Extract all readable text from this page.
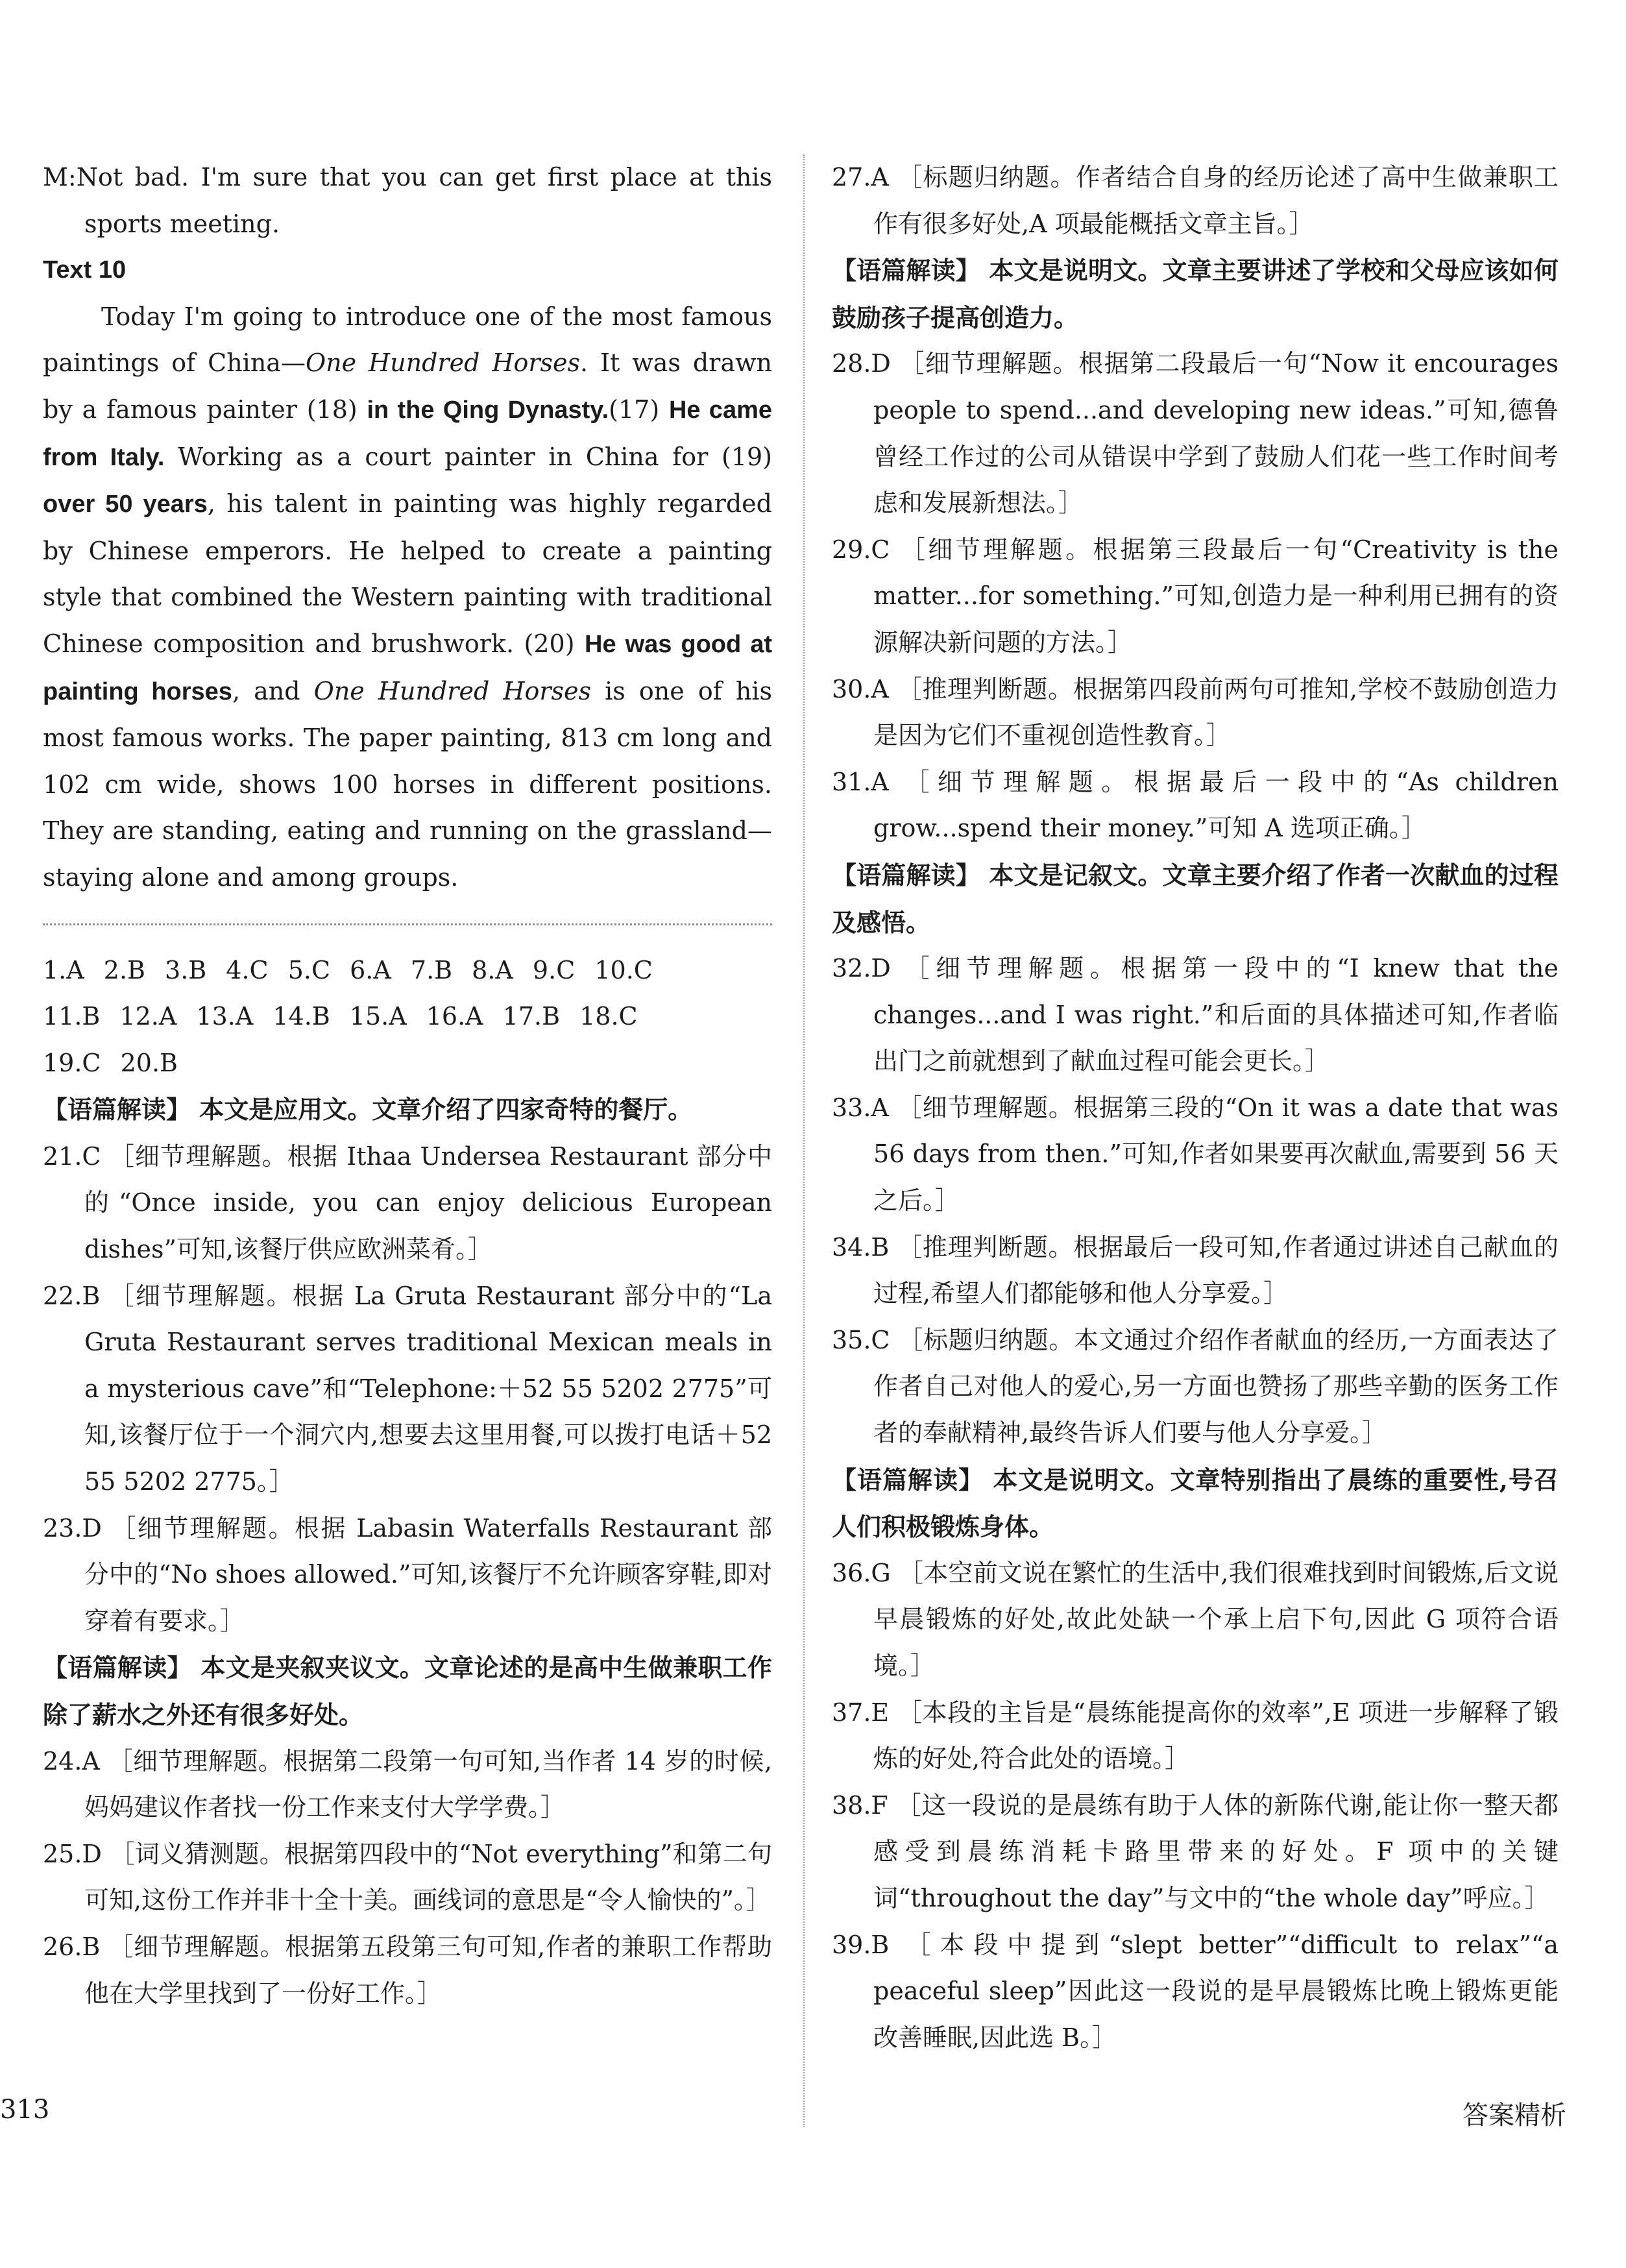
M:Not bad. I'm sure that you can get first place at this sports meeting.

Text 10

Today I'm going to introduce one of the most famous paintings of China—One Hundred Horses. It was drawn by a famous painter (18) in the Qing Dynasty.(17) He came from Italy. Working as a court painter in China for (19) over 50 years, his talent in painting was highly regarded by Chinese emperors. He helped to create a painting style that combined the Western painting with traditional Chinese composition and brushwork. (20) He was good at painting horses, and One Hundred Horses is one of his most famous works. The paper painting, 813 cm long and 102 cm wide, shows 100 horses in different positions. They are standing, eating and running on the grassland—staying alone and among groups.

1.A 2.B 3.B 4.C 5.C 6.A 7.B 8.A 9.C 10.C

11.B 12.A 13.A 14.B 15.A 16.A 17.B 18.C

19.C 20.B

【语篇解读】 本文是应用文。文章介绍了四家奇特的餐厅。

21.C ［细节理解题。根据 Ithaa Undersea Restaurant 部分中的“Once inside, you can enjoy delicious European dishes”可知,该餐厅供应欧洲菜肴。］

22.B ［细节理解题。根据 La Gruta Restaurant 部分中的“La Gruta Restaurant serves traditional Mexican meals in a mysterious cave”和“Telephone:＋52 55 5202 2775”可知,该餐厅位于一个洞穴内,想要去这里用餐,可以拨打电话＋52 55 5202 2775。］

23.D ［细节理解题。根据 Labasin Waterfalls Restaurant 部分中的“No shoes allowed.”可知,该餐厅不允许顾客穿鞋,即对穿着有要求。］

【语篇解读】 本文是夹叙夹议文。文章论述的是高中生做兼职工作除了薪水之外还有很多好处。

24.A ［细节理解题。根据第二段第一句可知,当作者 14 岁的时候,妈妈建议作者找一份工作来支付大学学费。］

25.D ［词义猜测题。根据第四段中的“Not everything”和第二句可知,这份工作并非十全十美。画线词的意思是“令人愉快的”。］

26.B ［细节理解题。根据第五段第三句可知,作者的兼职工作帮助他在大学里找到了一份好工作。］

27.A ［标题归纳题。作者结合自身的经历论述了高中生做兼职工作有很多好处,A 项最能概括文章主旨。］

【语篇解读】 本文是说明文。文章主要讲述了学校和父母应该如何鼓励孩子提高创造力。

28.D ［细节理解题。根据第二段最后一句“Now it encourages people to spend...and developing new ideas.”可知,德鲁曾经工作过的公司从错误中学到了鼓励人们花一些工作时间考虑和发展新想法。］

29.C ［细节理解题。根据第三段最后一句“Creativity is the matter...for something.”可知,创造力是一种利用已拥有的资源解决新问题的方法。］

30.A ［推理判断题。根据第四段前两句可推知,学校不鼓励创造力是因为它们不重视创造性教育。］

31.A ［细节理解题。根据最后一段中的“As children grow...spend their money.”可知 A 选项正确。］

【语篇解读】 本文是记叙文。文章主要介绍了作者一次献血的过程及感悟。

32.D ［细节理解题。根据第一段中的“I knew that the changes...and I was right.”和后面的具体描述可知,作者临出门之前就想到了献血过程可能会更长。］

33.A ［细节理解题。根据第三段的“On it was a date that was 56 days from then.”可知,作者如果要再次献血,需要到 56 天之后。］

34.B ［推理判断题。根据最后一段可知,作者通过讲述自己献血的过程,希望人们都能够和他人分享爱。］

35.C ［标题归纳题。本文通过介绍作者献血的经历,一方面表达了作者自己对他人的爱心,另一方面也赞扬了那些辛勤的医务工作者的奉献精神,最终告诉人们要与他人分享爱。］

【语篇解读】 本文是说明文。文章特别指出了晨练的重要性,号召人们积极锻炼身体。

36.G ［本空前文说在繁忙的生活中,我们很难找到时间锻炼,后文说早晨锻炼的好处,故此处缺一个承上启下句,因此 G 项符合语境。］

37.E ［本段的主旨是“晨练能提高你的效率”,E 项进一步解释了锻炼的好处,符合此处的语境。］

38.F ［这一段说的是晨练有助于人体的新陈代谢,能让你一整天都感受到晨练消耗卡路里带来的好处。F 项中的关键词“throughout the day”与文中的“the whole day”呼应。］

39.B ［本段中提到“slept better”“difficult to relax”“a peaceful sleep”因此这一段说的是早晨锻炼比晚上锻炼更能改善睡眠,因此选 B。］

313	答案精析
